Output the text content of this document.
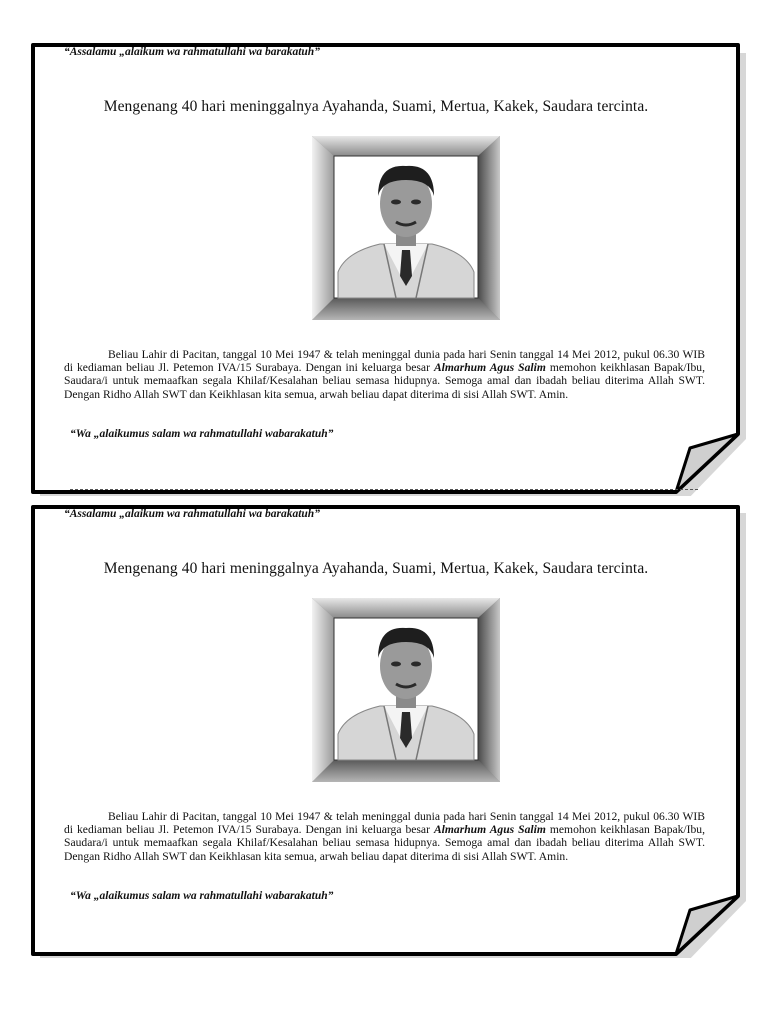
“Assalamu „alaikum wa rahmatullahi wa barakatuh”
Mengenang 40 hari meninggalnya Ayahanda, Suami, Mertua, Kakek, Saudara tercinta.
Beliau Lahir di Pacitan, tanggal 10 Mei 1947 & telah meninggal dunia pada hari Senin tanggal 14 Mei 2012, pukul 06.30 WIB di kediaman beliau Jl. Petemon IVA/15 Surabaya. Dengan ini keluarga besar Almarhum Agus Salim memohon keikhlasan Bapak/Ibu, Saudara/i untuk memaafkan segala Khilaf/Kesalahan beliau semasa hidupnya. Semoga amal dan ibadah beliau diterima Allah SWT. Dengan Ridho Allah SWT dan Keikhlasan kita semua, arwah beliau dapat diterima di sisi Allah SWT. Amin.
“Wa „alaikumus salam wa rahmatullahi wabarakatuh”
“Assalamu „alaikum wa rahmatullahi wa barakatuh”
Mengenang 40 hari meninggalnya Ayahanda, Suami, Mertua, Kakek, Saudara tercinta.
Beliau Lahir di Pacitan, tanggal 10 Mei 1947 & telah meninggal dunia pada hari Senin tanggal 14 Mei 2012, pukul 06.30 WIB di kediaman beliau Jl. Petemon IVA/15 Surabaya. Dengan ini keluarga besar Almarhum Agus Salim memohon keikhlasan Bapak/Ibu, Saudara/i untuk memaafkan segala Khilaf/Kesalahan beliau semasa hidupnya. Semoga amal dan ibadah beliau diterima Allah SWT. Dengan Ridho Allah SWT dan Keikhlasan kita semua, arwah beliau dapat diterima di sisi Allah SWT. Amin.
“Wa „alaikumus salam wa rahmatullahi wabarakatuh”
